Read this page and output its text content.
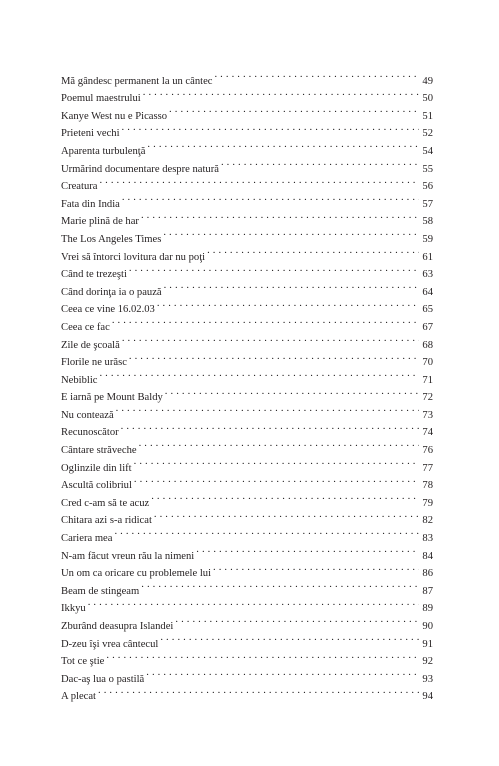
Mă gândesc permanent la un cântec . . .	49
Poemul maestrului . . .	50
Kanye West nu e Picasso . . .	51
Prieteni vechi . . .	52
Aparenta turbulenţă . . .	54
Urmărind documentare despre natură . . .	55
Creatura . . .	56
Fata din India . . .	57
Marie plină de har . . .	58
The Los Angeles Times . . .	59
Vrei să întorci lovitura dar nu poţi . . .	61
Când te trezeşti . . .	63
Când dorinţa ia o pauză . . .	64
Ceea ce vine 16.02.03 . . .	65
Ceea ce fac . . .	67
Zile de şcoală . . .	68
Florile ne urăsc . . .	70
Nebiblic . . .	71
E iarnă pe Mount Baldy . . .	72
Nu contează . . .	73
Recunoscător . . .	74
Cântare străveche . . .	76
Oglinzile din lift . . .	77
Ascultă colibriul . . .	78
Cred c-am să te acuz . . .	79
Chitara azi s-a ridicat . . .	82
Cariera mea . . .	83
N-am făcut vreun rău la nimeni . . .	84
Un om ca oricare cu problemele lui . . .	86
Beam de stingeam . . .	87
Ikkyu . . .	89
Zburând deasupra Islandei . . .	90
D-zeu îşi vrea cântecul . . .	91
Tot ce ştie . . .	92
Dac-aş lua o pastilă . . .	93
A plecat . . .	94
